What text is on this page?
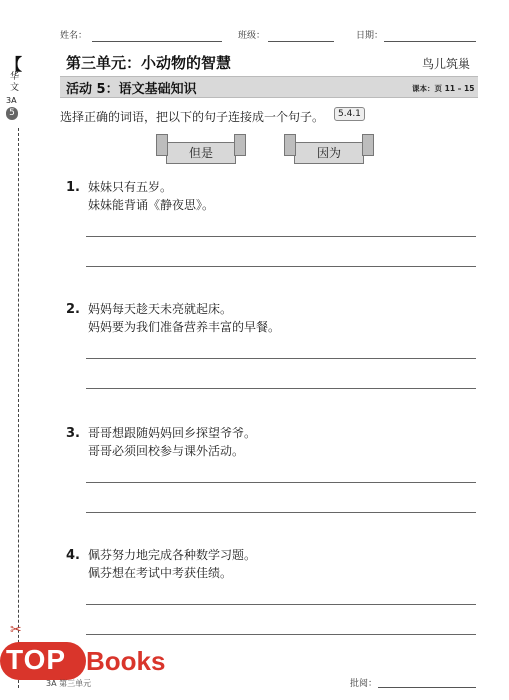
姓名：	班级：	日期：
【
华文
3A
5
第三单元：小动物的智慧	鸟儿筑巢
活动 5：语文基础知识	课本：页 11 – 15
选择正确的词语，把以下的句子连接成一个句子。	5.4.1
但是	因为
1. 妹妹只有五岁。
妹妹能背诵《静夜思》。
2. 妈妈每天趁天未亮就起床。
妈妈要为我们准备营养丰富的早餐。
3. 哥哥想跟随妈妈回乡探望爷爷。
哥哥必须回校参与课外活动。
4. 佩芬努力地完成各种数学习题。
佩芬想在考试中考获佳绩。
✂
TOP Books
3A 第三单元	批阅：
